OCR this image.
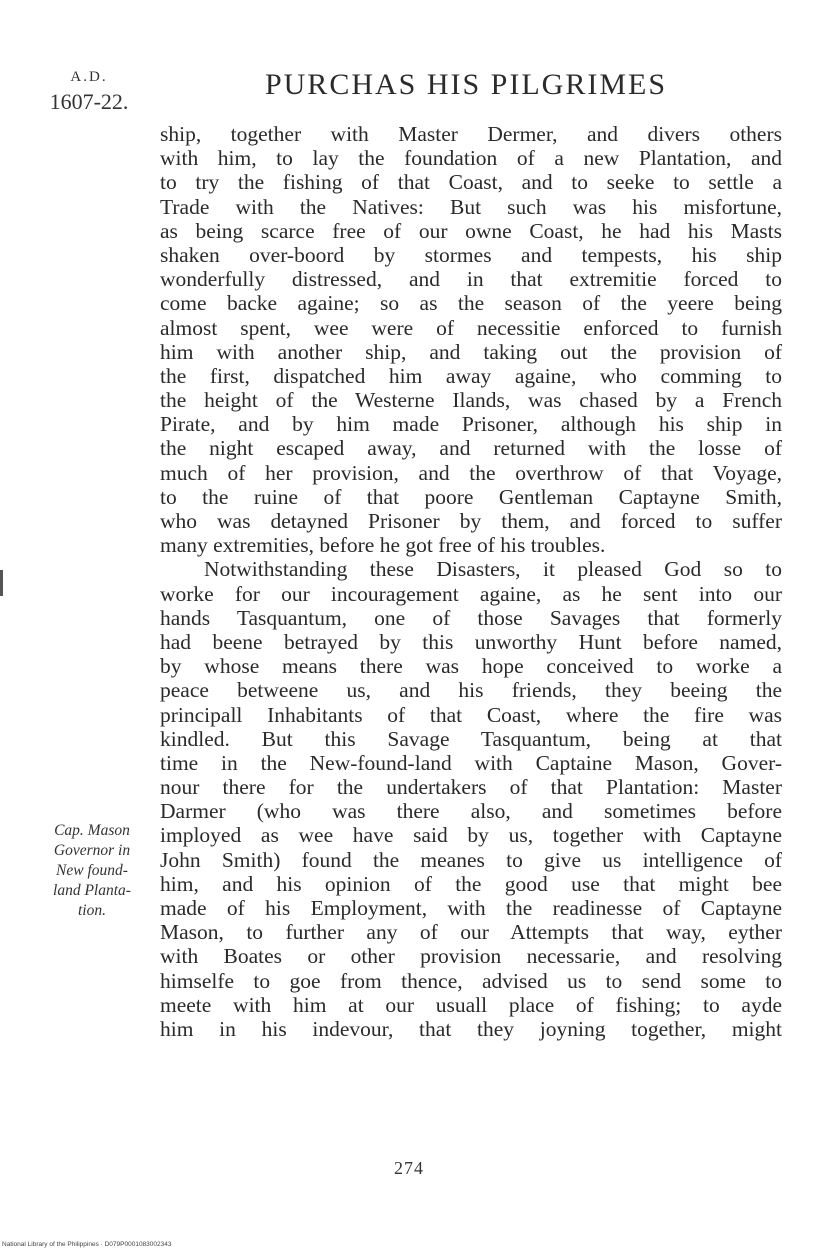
A.D.
1607-22.
PURCHAS HIS PILGRIMES
ship, together with Master Dermer, and divers others
with him, to lay the foundation of a new Plantation, and
to try the fishing of that Coast, and to seeke to settle a
Trade with the Natives: But such was his misfortune,
as being scarce free of our owne Coast, he had his Masts
shaken over-boord by stormes and tempests, his ship
wonderfully distressed, and in that extremitie forced to
come backe againe; so as the season of the yeere being
almost spent, wee were of necessitie enforced to furnish
him with another ship, and taking out the provision of
the first, dispatched him away againe, who comming to
the height of the Westerne Ilands, was chased by a French
Pirate, and by him made Prisoner, although his ship in
the night escaped away, and returned with the losse of
much of her provision, and the overthrow of that Voyage,
to the ruine of that poore Gentleman Captayne Smith,
who was detayned Prisoner by them, and forced to suffer
many extremities, before he got free of his troubles.
Notwithstanding these Disasters, it pleased God so to
worke for our incouragement againe, as he sent into our
hands Tasquantum, one of those Savages that formerly
had beene betrayed by this unworthy Hunt before named,
by whose means there was hope conceived to worke a
peace betweene us, and his friends, they beeing the
principall Inhabitants of that Coast, where the fire was
kindled. But this Savage Tasquantum, being at that
time in the New-found-land with Captaine Mason, Gover-
nour there for the undertakers of that Plantation: Master
Darmer (who was there also, and sometimes before
imployed as wee have said by us, together with Captayne
John Smith) found the meanes to give us intelligence of
him, and his opinion of the good use that might bee
made of his Employment, with the readinesse of Captayne
Mason, to further any of our Attempts that way, eyther
with Boates or other provision necessarie, and resolving
himselfe to goe from thence, advised us to send some to
meete with him at our usuall place of fishing; to ayde
him in his indevour, that they joyning together, might
Cap. Mason
Governor in
New found-
land Planta-
tion.
274
National Library of the Philippines · D079P0001083002343
